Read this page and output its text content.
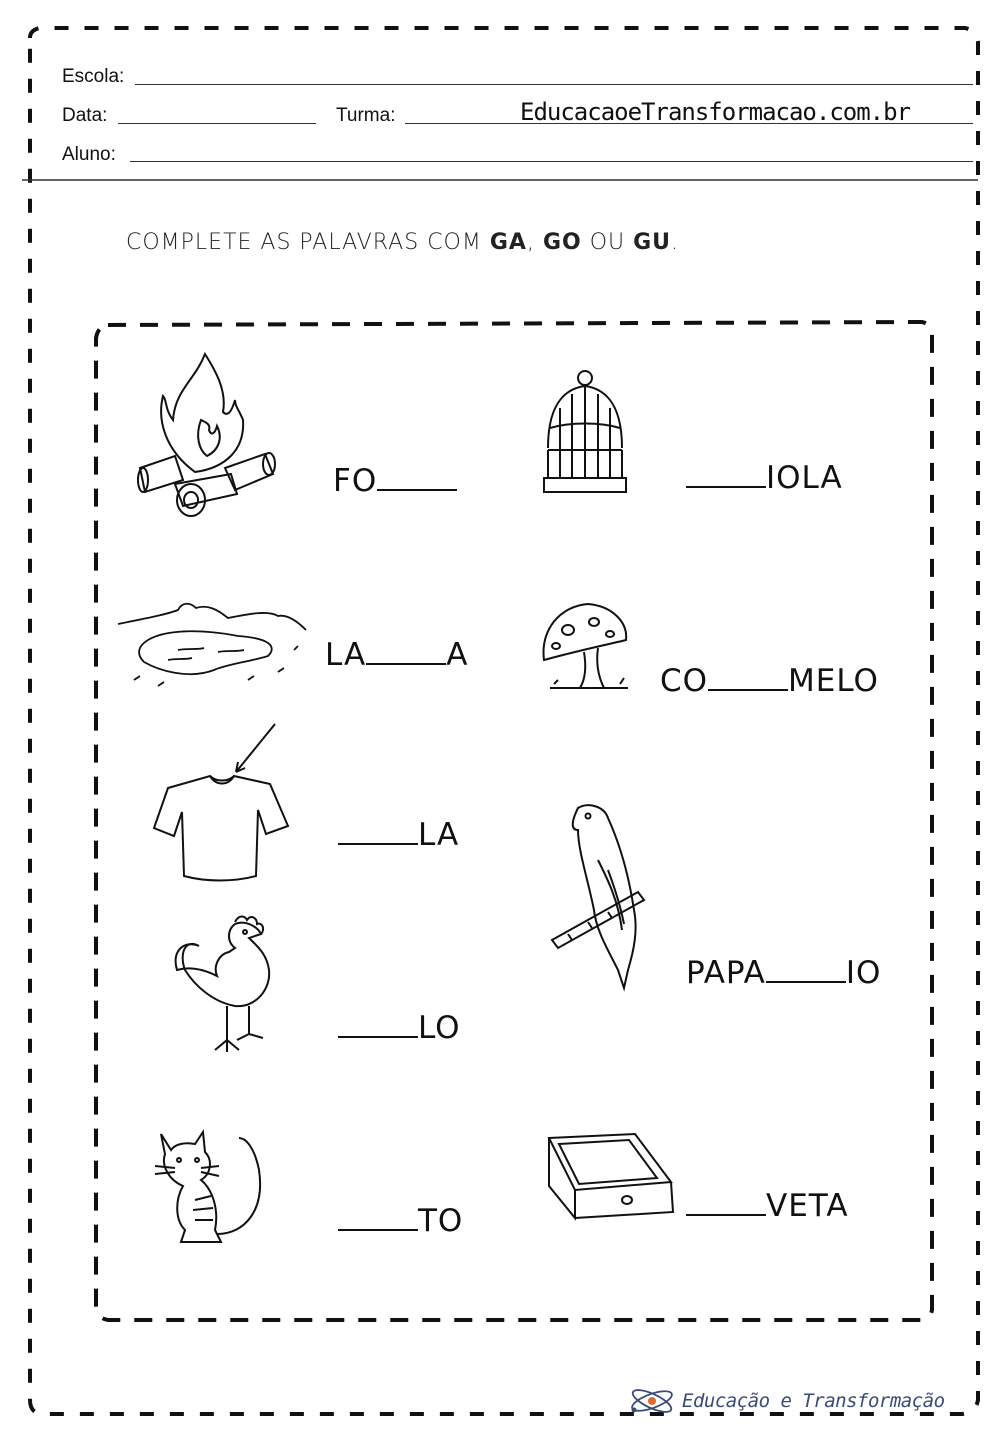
Escola:
Data:	Turma:	EducacaoeTransformacao.com.br
Aluno:
COMPLETE AS PALAVRAS COM GA, GO OU GU.
FO	IOLA
LA	A
CO	MELO
LA
PAPA	IO
LO
TO	VETA
Educação e Transformação
